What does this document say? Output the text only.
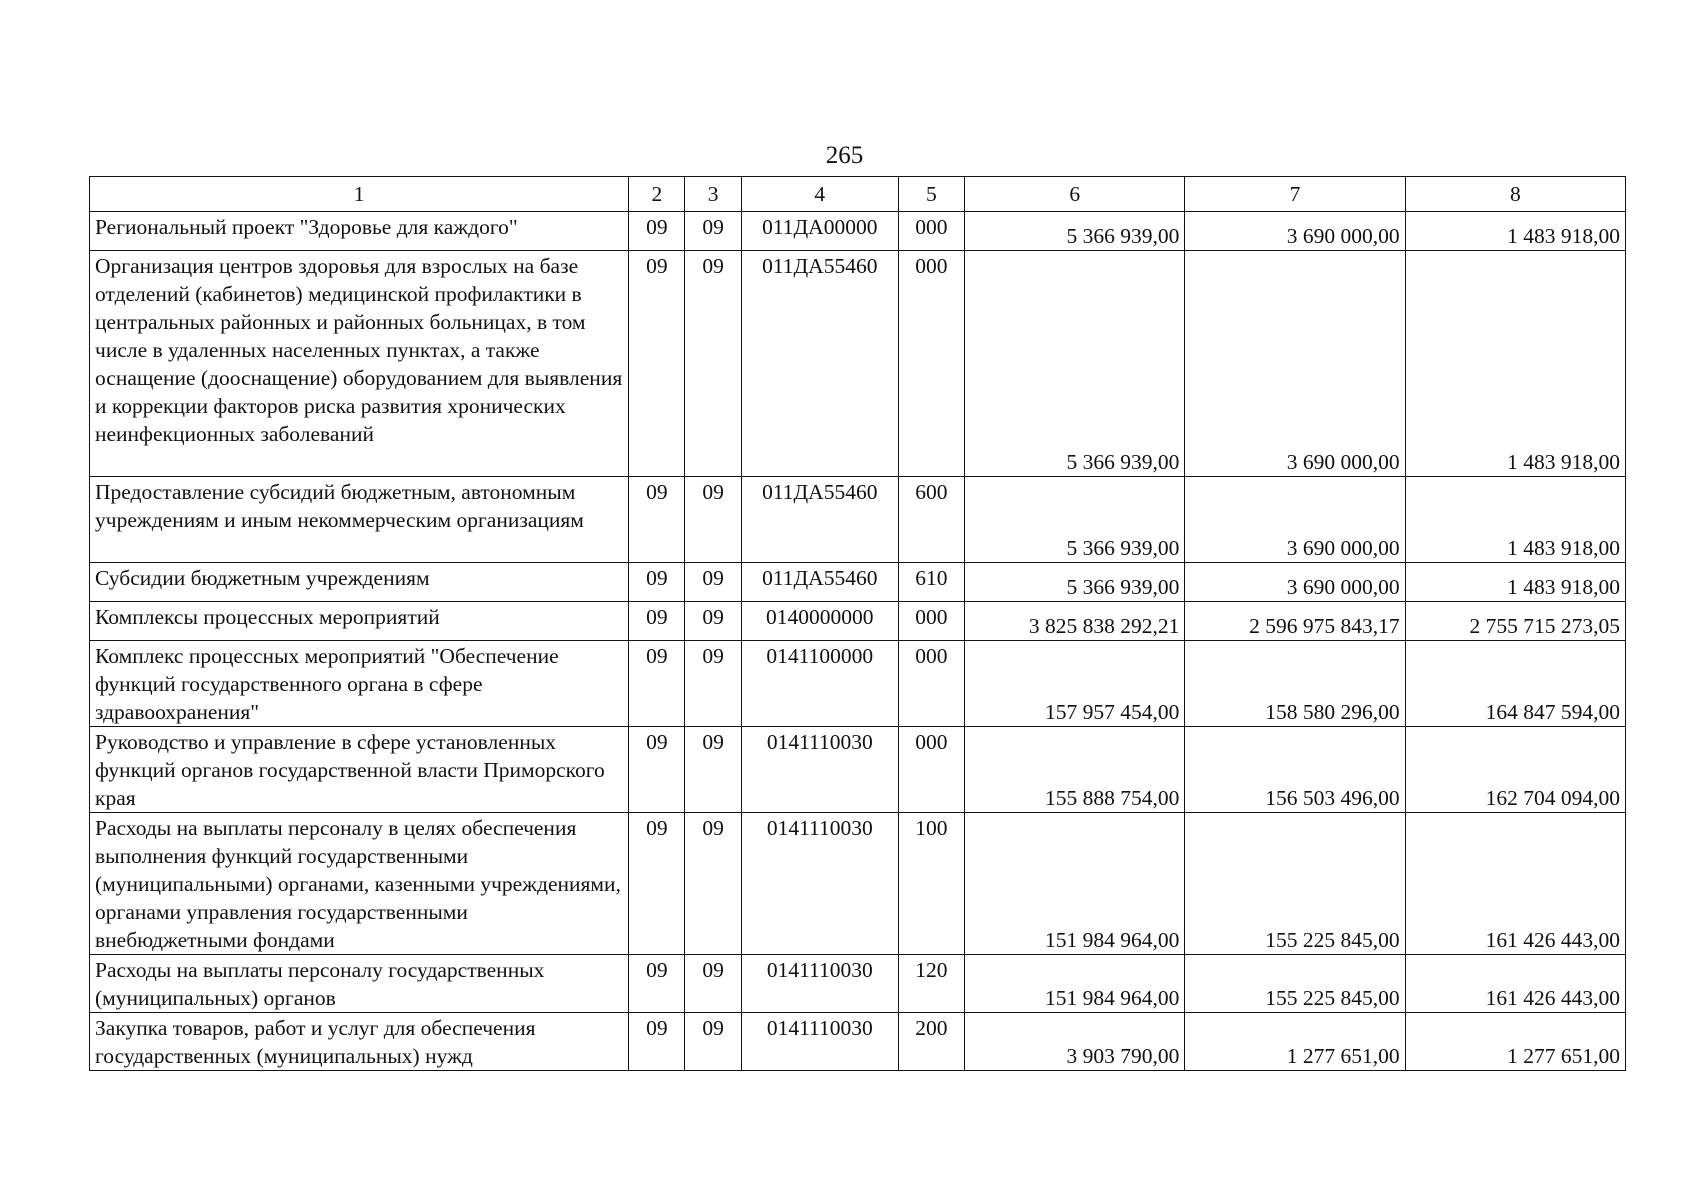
265
1	2	3	4	5	6	7	8
Региональный проект "Здоровье для каждого"	09	09	011ДА00000	000	5 366 939,00	3 690 000,00	1 483 918,00
Организация центров здоровья для взрослых на базе отделений (кабинетов) медицинской профилактики в центральных районных и районных больницах, в том числе в удаленных населенных пунктах, а также оснащение (дооснащение) оборудованием для выявления и коррекции факторов риска развития хронических неинфекционных заболеваний	09	09	011ДА55460	000	5 366 939,00	3 690 000,00	1 483 918,00
Предоставление субсидий бюджетным, автономным учреждениям и иным некоммерческим организациям	09	09	011ДА55460	600	5 366 939,00	3 690 000,00	1 483 918,00
Субсидии бюджетным учреждениям	09	09	011ДА55460	610	5 366 939,00	3 690 000,00	1 483 918,00
Комплексы процессных мероприятий	09	09	0140000000	000	3 825 838 292,21	2 596 975 843,17	2 755 715 273,05
Комплекс процессных мероприятий "Обеспечение функций государственного органа в сфере здравоохранения"	09	09	0141100000	000	157 957 454,00	158 580 296,00	164 847 594,00
Руководство и управление в сфере установленных функций органов государственной власти Приморского края	09	09	0141110030	000	155 888 754,00	156 503 496,00	162 704 094,00
Расходы на выплаты персоналу в целях обеспечения выполнения функций государственными (муниципальными) органами, казенными учреждениями, органами управления государственными внебюджетными фондами	09	09	0141110030	100	151 984 964,00	155 225 845,00	161 426 443,00
Расходы на выплаты персоналу государственных (муниципальных) органов	09	09	0141110030	120	151 984 964,00	155 225 845,00	161 426 443,00
Закупка товаров, работ и услуг для обеспечения государственных (муниципальных) нужд	09	09	0141110030	200	3 903 790,00	1 277 651,00	1 277 651,00
